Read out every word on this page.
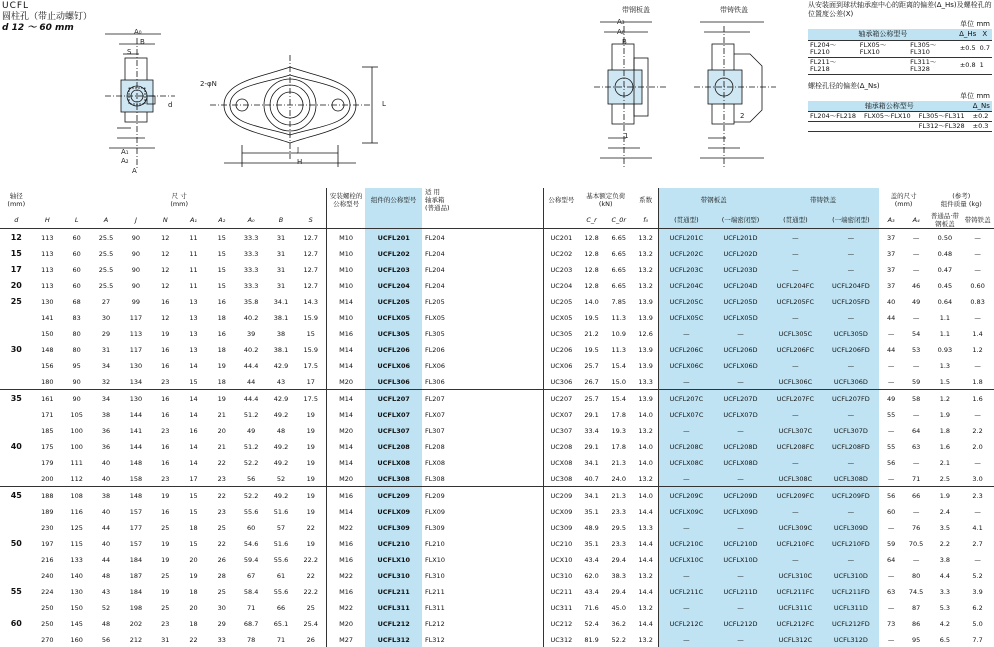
UCFL
圆柱孔（带止动螺钉）
d 12 ～ 60 mm	A₀
B
S
d
A₁
A₂
A
2-φN
L
J
H
带钢板盖
A₃
A₀
B
1
带铸铁盖
2
从安装面到球状轴承座中心的距离的偏差(Δ_Hs)及螺栓孔的位置度公差(X)
单位 mm
轴承箱公称型号			Δ_Hs	X
FL204～FL210	FLX05～FLX10	FL305～FL310	±0.5	0.7
FL211～FL218		FL311～FL328	±0.8	1
螺栓孔径的偏差(Δ_Ns)
单位 mm
轴承箱公称型号			Δ_Ns
FL204～FL218	FLX05～FLX10	FL305～FL311	±0.2
		FL312～FL328	±0.3
轴径
(mm)	尺 寸
(mm)										安装螺栓的公称型号	组件的公称型号	适 用
轴承箱
(普通品)	公称型号	基本额定负荷
(kN)		系数	带钢板盖		带铸铁盖		盖的尺寸
(mm)		(参考)
组件质量 (kg)	
d	H	L	A	J	N	A₁	A₂	A₀	B	S					C_r	C_0r	f₀	(贯通型)	(一端密闭型)	(贯通型)	(一端密闭型)	A₃	A₄	普通品·带钢板盖	带铸铁盖
12	113	60	25.5	90	12	11	15	33.3	31	12.7	M10	UCFL201	FL204	UC201	12.8	6.65	13.2	UCFL201C	UCFL201D	—	—	37	—	0.50	—
15	113	60	25.5	90	12	11	15	33.3	31	12.7	M10	UCFL202	FL204	UC202	12.8	6.65	13.2	UCFL202C	UCFL202D	—	—	37	—	0.48	—
17	113	60	25.5	90	12	11	15	33.3	31	12.7	M10	UCFL203	FL204	UC203	12.8	6.65	13.2	UCFL203C	UCFL203D	—	—	37	—	0.47	—
20	113	60	25.5	90	12	11	15	33.3	31	12.7	M10	UCFL204	FL204	UC204	12.8	6.65	13.2	UCFL204C	UCFL204D	UCFL204FC	UCFL204FD	37	46	0.45	0.60
25	130	68	27	99	16	13	16	35.8	34.1	14.3	M14	UCFL205	FL205	UC205	14.0	7.85	13.9	UCFL205C	UCFL205D	UCFL205FC	UCFL205FD	40	49	0.64	0.83
	141	83	30	117	12	13	18	40.2	38.1	15.9	M10	UCFLX05	FLX05	UCX05	19.5	11.3	13.9	UCFLX05C	UCFLX05D	—	—	44	—	1.1	—
	150	80	29	113	19	13	16	39	38	15	M16	UCFL305	FL305	UC305	21.2	10.9	12.6	—	—	UCFL305C	UCFL305D	—	54	1.1	1.4
30	148	80	31	117	16	13	18	40.2	38.1	15.9	M14	UCFL206	FL206	UC206	19.5	11.3	13.9	UCFL206C	UCFL206D	UCFL206FC	UCFL206FD	44	53	0.93	1.2
	156	95	34	130	16	14	19	44.4	42.9	17.5	M14	UCFLX06	FLX06	UCX06	25.7	15.4	13.9	UCFLX06C	UCFLX06D	—	—	—	—	1.3	—
	180	90	32	134	23	15	18	44	43	17	M20	UCFL306	FL306	UC306	26.7	15.0	13.3	—	—	UCFL306C	UCFL306D	—	59	1.5	1.8
35	161	90	34	130	16	14	19	44.4	42.9	17.5	M14	UCFL207	FL207	UC207	25.7	15.4	13.9	UCFL207C	UCFL207D	UCFL207FC	UCFL207FD	49	58	1.2	1.6
	171	105	38	144	16	14	21	51.2	49.2	19	M14	UCFLX07	FLX07	UCX07	29.1	17.8	14.0	UCFLX07C	UCFLX07D	—	—	55	—	1.9	—
	185	100	36	141	23	16	20	49	48	19	M20	UCFL307	FL307	UC307	33.4	19.3	13.2	—	—	UCFL307C	UCFL307D	—	64	1.8	2.2
40	175	100	36	144	16	14	21	51.2	49.2	19	M14	UCFL208	FL208	UC208	29.1	17.8	14.0	UCFL208C	UCFL208D	UCFL208FC	UCFL208FD	55	63	1.6	2.0
	179	111	40	148	16	14	22	52.2	49.2	19	M14	UCFLX08	FLX08	UCX08	34.1	21.3	14.0	UCFLX08C	UCFLX08D	—	—	56	—	2.1	—
	200	112	40	158	23	17	23	56	52	19	M20	UCFL308	FL308	UC308	40.7	24.0	13.2	—	—	UCFL308C	UCFL308D	—	71	2.5	3.0
45	188	108	38	148	19	15	22	52.2	49.2	19	M16	UCFL209	FL209	UC209	34.1	21.3	14.0	UCFL209C	UCFL209D	UCFL209FC	UCFL209FD	56	66	1.9	2.3
	189	116	40	157	16	15	23	55.6	51.6	19	M14	UCFLX09	FLX09	UCX09	35.1	23.3	14.4	UCFLX09C	UCFLX09D	—	—	60	—	2.4	—
	230	125	44	177	25	18	25	60	57	22	M22	UCFL309	FL309	UC309	48.9	29.5	13.3	—	—	UCFL309C	UCFL309D	—	76	3.5	4.1
50	197	115	40	157	19	15	22	54.6	51.6	19	M16	UCFL210	FL210	UC210	35.1	23.3	14.4	UCFL210C	UCFL210D	UCFL210FC	UCFL210FD	59	70.5	2.2	2.7
	216	133	44	184	19	20	26	59.4	55.6	22.2	M16	UCFLX10	FLX10	UCX10	43.4	29.4	14.4	UCFLX10C	UCFLX10D	—	—	64	—	3.8	—
	240	140	48	187	25	19	28	67	61	22	M22	UCFL310	FL310	UC310	62.0	38.3	13.2	—	—	UCFL310C	UCFL310D	—	80	4.4	5.2
55	224	130	43	184	19	18	25	58.4	55.6	22.2	M16	UCFL211	FL211	UC211	43.4	29.4	14.4	UCFL211C	UCFL211D	UCFL211FC	UCFL211FD	63	74.5	3.3	3.9
	250	150	52	198	25	20	30	71	66	25	M22	UCFL311	FL311	UC311	71.6	45.0	13.2	—	—	UCFL311C	UCFL311D	—	87	5.3	6.2
60	250	145	48	202	23	18	29	68.7	65.1	25.4	M20	UCFL212	FL212	UC212	52.4	36.2	14.4	UCFL212C	UCFL212D	UCFL212FC	UCFL212FD	73	86	4.2	5.0
	270	160	56	212	31	22	33	78	71	26	M27	UCFL312	FL312	UC312	81.9	52.2	13.2	—	—	UCFL312C	UCFL312D	—	95	6.5	7.7
